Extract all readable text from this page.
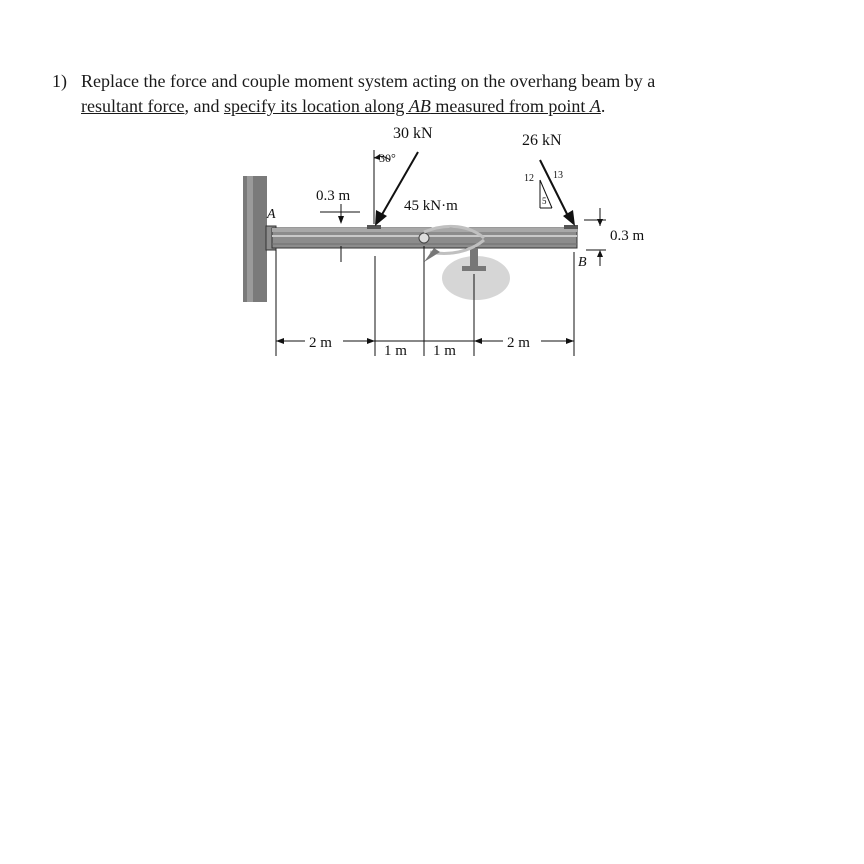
1) Replace the force and couple moment system acting on the overhang beam by a
resultant force, and specify its location along AB measured from point A.
30 kN
30°
26 kN
12 13
5
45 kN·m
0.3 m
0.3 m
A
B
2 m	1 m 1 m	2 m
